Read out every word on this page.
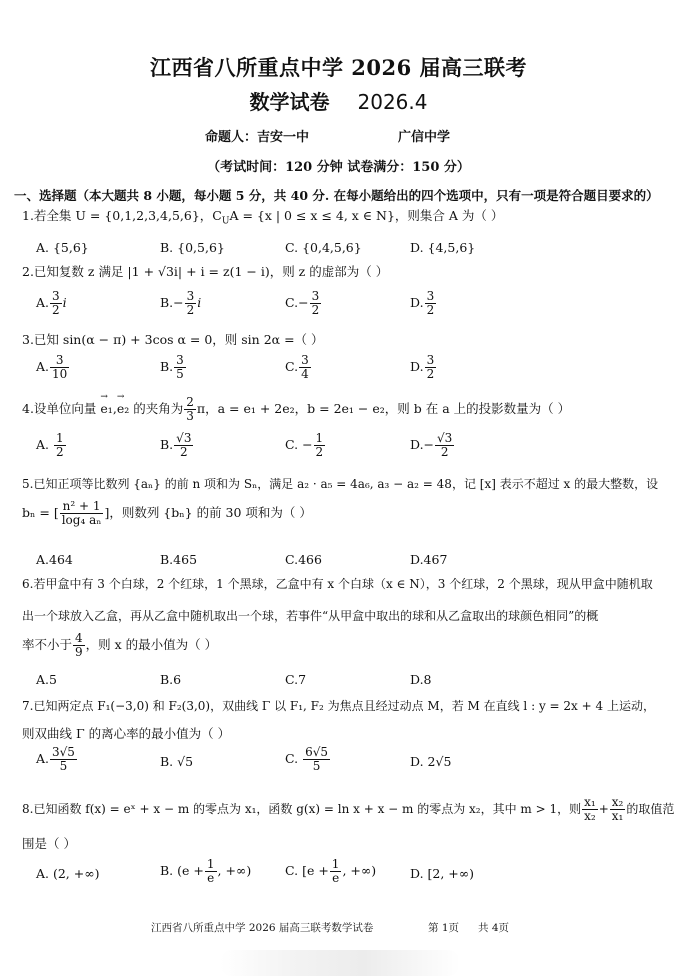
江西省八所重点中学 2026 届高三联考
数学试卷 2026.4
命题人：吉安一中	广信中学
（考试时间：120 分钟 试卷满分：150 分）
一、选择题（本大题共 8 小题，每小题 5 分，共 40 分. 在每小题给出的四个选项中，只有一项是符合题目要求的）
1.若全集 U = {0,1,2,3,4,5,6}，$C_UA = \{x$ | 0 ≤ x ≤ 4, x ∈ N}，则集合 A 为（ ）
A. {5,6}	B. {0,5,6}	C. {0,4,5,6}	D. {4,5,6}
2.已知复数 z 满足 |1 + √3i| + i = z(1 − i)，则 z 的虚部为（ ）
A. $\frac{3}{2}$ i	$B.- \frac{3}{2}$ i	$C.- \frac{3}{2}$	D. $\frac{3}{2}$
3.已知 sin(α − π) + 3cos α = 0，则 sin 2α =（ ）
A. $\frac{3}{10}$	B. $\frac{3}{5}$	C. $\frac{3}{4}$	D. $\frac{3}{2}$
4.设单位向量 → e₁,→ e₂ 的夹角为 $\frac{2}{3}$ π，a = e₁ + 2e₂，b = 2e₁ − e₂，则 b 在 a 上的投影数量为（ ）
A. $\frac{1}{2}$	B. $\frac{√3}{2}$	C. − $\frac{1}{2}$	$D.- \frac{√3}{2}$
5.已知正项等比数列 {aₙ} 的前 n 项和为 Sₙ，满足 a₂ · a₅ = 4a₆, a₃ − a₂ = 48，记 [x] 表示不超过 x 的最大整数，设
bₙ = [ $\frac{\text{n² + 1}}{\text{log₄ aₙ}}$ ]，则数列 {bₙ} 的前 30 项和为（ ）
A.464	B.465	C.466	D.467
6.若甲盒中有 3 个白球，2 个红球，1 个黑球，乙盒中有 x 个白球（x ∈ N），3 个红球，2 个黑球，现从甲盒中随机取
出一个球放入乙盒，再从乙盒中随机取出一个球，若事件“从甲盒中取出的球和从乙盒取出的球颜色相同”的概
率不小于 $\frac{4}{9}$ ，则 x 的最小值为（ ）
A.5	B.6	C.7	D.8
7.已知两定点 F₁(−3,0) 和 F₂(3,0)，双曲线 Γ 以 F₁, F₂ 为焦点且经过动点 M，若 M 在直线 l : y = 2x + 4 上运动，
则双曲线 Γ 的离心率的最小值为（ ）
A. $\frac{3√5}{5}$	B. √5	C. $\frac{6√5}{5}$	D. 2√5
8.已知函数 f(x) = eˣ + x − m 的零点为 x₁，函数 g(x) = ln x + x − m 的零点为 x₂，其中 m > 1，则 $\frac{\text{x₁}}{\text{x₂}} + \frac{\text{x₂}}{\text{x₁}}$ 的取值范
围是（ ）
A. (2, +∞)	B. ($e + \frac{1}{e}$ , +∞)	C. [$e + \frac{1}{e}$ , +∞)	D. [2, +∞)
江西省八所重点中学 2026 届高三联考数学试卷	第 1页 共 4页
